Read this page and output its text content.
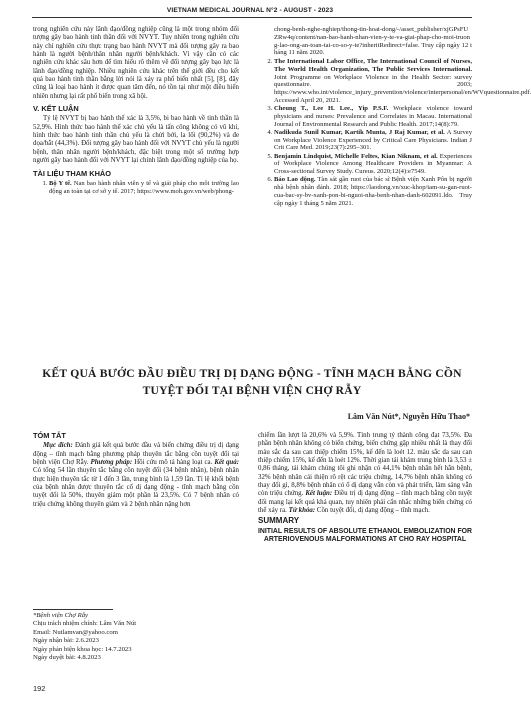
VIETNAM MEDICAL JOURNAL N°2 - AUGUST - 2023

trong nghiên cứu này lãnh đạo/đồng nghiệp cũng là một trong nhóm đối tượng gây bao hành tinh thần đối với NVYT. Tuy nhiên trong nghiên cứu này chỉ nghiên cứu thực trạng bao hành NVYT mà đối tượng gây ra bao hành là người bệnh/thân nhân người bệnh/khách. Vì vậy cần có các nghiên cứu khác sâu hơn để tìm hiểu rõ thêm về đối tượng gây bạo lực là lãnh đạo/đồng nghiệp. Nhiều nghiên cứu khác trên thế giới đều cho kết quả bao hành tinh thần bằng lời nói là xảy ra phổ biến nhất [5], [8], đây cũng là loại bao hành ít được quan tâm đến, nó tồn tại như một điều hiển nhiên nhưng lại rất phổ biến trong xã hội.

V. KẾT LUẬN

Tỷ lệ NVYT bị bao hành thể xác là 3,5%, bi bao hành về tinh thần là 52,9%. Hình thức bao hành thể xác chủ yếu là tấn công không có vũ khí, hình thức bao hành tinh thần chủ yếu là chửi bới, la lối (90,2%) và đe dọa/bắt (44,3%). Đối tượng gây bao hành đối với NVYT chủ yếu là người bệnh, thân nhân người bệnh/khách, đặc biệt trong một số trường hợp người gây bao hành đối với NVYT lại chính lãnh đạo/đồng nghiệp của họ.

TÀI LIỆU THAM KHẢO
1. Bộ Y tế. Nan bao hành nhân viên y tế và giải pháp cho môi trường lao động an toàn tại cơ sở y tế. 2017; https://www.moh.gov.vn/web/phong-
chong-benh-nghe-nghiep/thong-tin-hoat-dong/-/asset_publisher/xjGPsFUZRw4q/content/nan-bao-hanh-nhan-vien-y-te-va-giai-phap-cho-moi-truong-lao-ong-an-toan-tai-co-so-y-te?inheritRedirect=false. Truy cập ngày 12 tháng 11 năm 2020.
2. The International Labor Office, The International Council of Nurses, The World Health Organization, The Public Services International. Joint Programme on Workplace Violence in the Health Sector: survey questionnaire. 2003; https://www.who.int/violence_injury_prevention/violence/interpersonal/en/WVquestionnaire.pdf. Accessed April 20, 2021.
3. Cheung T., Lee H. Lee., Yip P.S.F. Workplace violence toward physicians and nurses: Prevalence and Correlates in Macau. International Journal of Environmental Research and Public Health. 2017;14(8):79.
4. Nadikuda Sunil Kumar, Kartik Munta, J Raj Kumar, et al. A Survey on Workplace Violence Experienced by Critical Care Physicians. Indian J Crit Care Med. 2019;23(7):295–301.
5. Benjamin Lindquist, Michelle Feltes, Kian Niknam, et al. Experiences of Workplace Violence Among Healthcare Providers in Myanmar: A Cross-sectional Survey Study. Cureus. 2020;12(4):e7549.
6. Báo Lao động. Tàn sát gần ruot của bác sĩ Bệnh viện Xanh Pôn bị người nhà bệnh nhân đánh. 2018; https://laodong.vn/xuc-khop/tam-su-gan-ruot-cua-bac-sy-bv-xanh-pon-bi-nguoi-nha-benh-nhan-danh-602091.ldo. Truy cập ngày 1 tháng 5 năm 2021.
KẾT QUẢ BƯỚC ĐẦU ĐIỀU TRỊ DỊ DẠNG ĐỘNG - TĨNH MẠCH BẰNG CỒN TUYỆT ĐỐI TẠI BỆNH VIỆN CHỢ RẪY
Lâm Văn Nút*, Nguyễn Hữu Thao*
TÓM TẮT

Mục đích: Đánh giá kết quả bước đầu và biến chứng điều trị dị dạng động – tĩnh mạch bằng phương pháp thuyên tắc bằng cồn tuyệt đối tại bệnh viện Chợ Rẫy. Phương pháp: Hồi cứu mô tả hàng loạt ca. Kết quả: Có tổng 54 lần thuyên tắc bằng cồn tuyệt đối (34 bệnh nhân), bệnh nhân thực hiện thuyên tắc từ 1 đến 3 lần, trung bình là 1,59 lần. Tỉ lệ khối bệnh của bệnh nhân được thuyên tắc cổ dị dạng động - tĩnh mạch bằng cồn tuyệt đối là 50%, thuyên giảm một phần là 23,5%. Có 7 bệnh nhân có triệu chứng không thuyên giảm và 2 bệnh nhân nặng hơn

*Bệnh viện Chợ Rẫy
Chịu trách nhiệm chính: Lâm Văn Nút
Email: Nutlamvan@yahoo.com
Ngày nhận bài: 2.6.2023
Ngày phản biện khoa học: 14.7.2023
Ngày duyệt bài: 4.8.2023
192

chiếm lần lượt là 20,6% và 5,9%. Tỉnh trung tỷ thành công đạt 73,5%. Đa phần bệnh nhân không có biến chứng, biến chứng gặp nhiều nhất là thay đổi màu sắc da sau can thiệp chiếm 15%, kế đến là loét 12. màu sắc da sau can thiệp chiếm 15%, kế đến là loét 12%. Thời gian tái khám trung bình là 3,53 ± 0,86 tháng, tái khám chúng tôi ghi nhận có 44,1% bệnh nhân hết hẳn bệnh, 32% bệnh nhân cải thiện rõ rệt các triệu chứng, 14,7% bệnh nhân không có thay đổi gì, 8,8% bệnh nhân có ổ dị dạng vẫn còn và phát triển, làm sáng vẫn còn triệu chứng. Kết luận: Điều trị dị dạng động – tĩnh mạch bằng cồn tuyệt đối mang lại kết quả khả quan, tuy nhiên phải cẩn nhắc những biến chứng có thể xảy ra. Từ khóa: Cồn tuyệt đối, dị dạng động – tĩnh mạch.

SUMMARY
INITIAL RESULTS OF ABSOLUTE ETHANOL EMBOLIZATION FOR ARTERIOVENOUS MALFORMATIONS AT CHO RAY HOSPITAL
